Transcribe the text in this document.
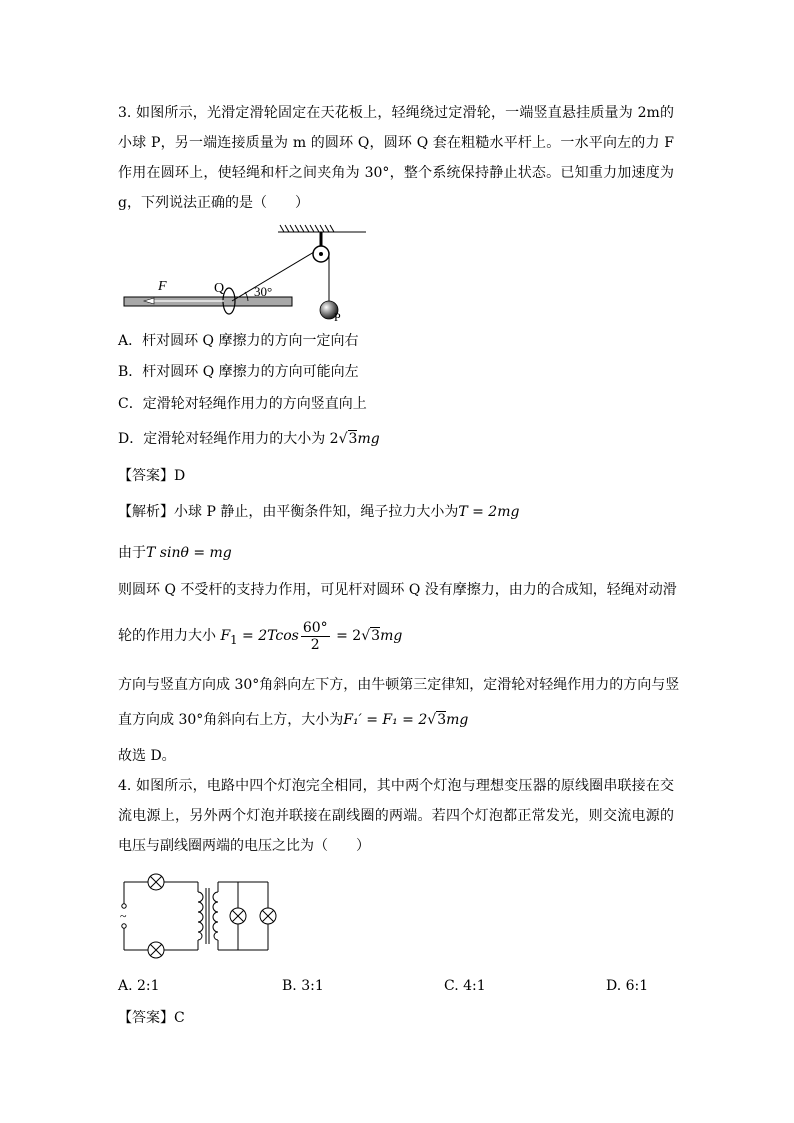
3. 如图所示，光滑定滑轮固定在天花板上，轻绳绕过定滑轮，一端竖直悬挂质量为 2m的小球 P，另一端连接质量为 m 的圆环 Q，圆环 Q 套在粗糙水平杆上。一水平向左的力 F 作用在圆环上，使轻绳和杆之间夹角为 30°，整个系统保持静止状态。已知重力加速度为 g，下列说法正确的是（　　）
F	Q 30°
P
A．杆对圆环 Q 摩擦力的方向一定向右
B．杆对圆环 Q 摩擦力的方向可能向左
C．定滑轮对轻绳作用力的方向竖直向上
D．定滑轮对轻绳作用力的大小为 2√3mg
【答案】D
【解析】小球 P 静止，由平衡条件知，绳子拉力大小为T = 2mg
由于T sinθ = mg
则圆环 Q 不受杆的支持力作用，可见杆对圆环 Q 没有摩擦力，由力的合成知，轻绳对动滑
轮的作用力大小 $F_1 = 2Tcos \frac{60^\circ}{2} = 2√3mg$
方向与竖直方向成 30°角斜向左下方，由牛顿第三定律知，定滑轮对轻绳作用力的方向与竖
直方向成 30°角斜向右上方，大小为F₁′ = F₁ = 2√3mg
故选 D。
4. 如图所示，电路中四个灯泡完全相同，其中两个灯泡与理想变压器的原线圈串联接在交流电源上，另外两个灯泡并联接在副线圈的两端。若四个灯泡都正常发光，则交流电源的电压与副线圈两端的电压之比为（　　）
~
A. 2:1	B. 3:1	C. 4:1	D. 6:1
【答案】C
